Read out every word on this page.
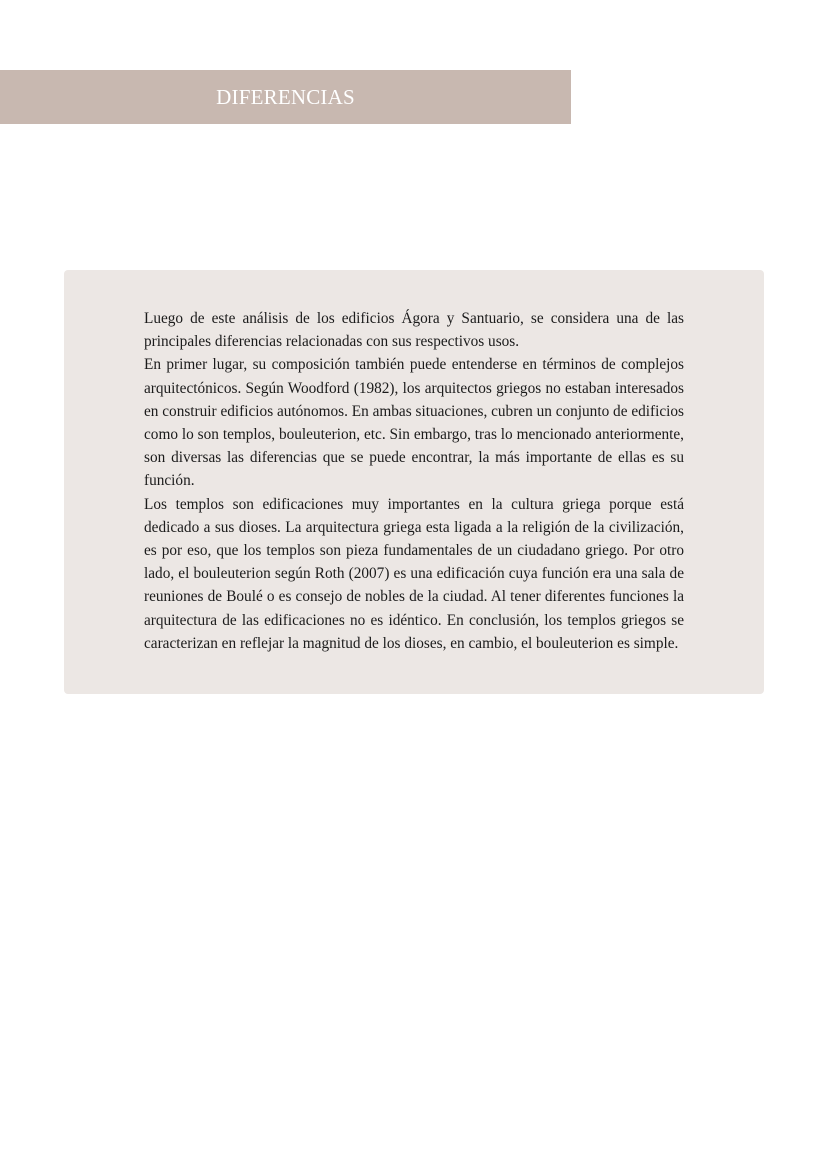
DIFERENCIAS

Luego de este análisis de los edificios Ágora y Santuario, se considera una de las principales diferencias relacionadas con sus respectivos usos.

En primer lugar, su composición también puede entenderse en términos de complejos arquitectónicos. Según Woodford (1982), los arquitectos griegos no estaban interesados en construir edificios autónomos. En ambas situaciones, cubren un conjunto de edificios como lo son templos, bouleuterion, etc. Sin embargo, tras lo mencionado anteriormente, son diversas las diferencias que se puede encontrar, la más importante de ellas es su función.

Los templos son edificaciones muy importantes en la cultura griega porque está dedicado a sus dioses. La arquitectura griega esta ligada a la religión de la civilización, es por eso, que los templos son pieza fundamentales de un ciudadano griego. Por otro lado, el bouleuterion según Roth (2007) es una edificación cuya función era una sala de reuniones de Boulé o es consejo de nobles de la ciudad. Al tener diferentes funciones la arquitectura de las edificaciones no es idéntico. En conclusión, los templos griegos se caracterizan en reflejar la magnitud de los dioses, en cambio, el bouleuterion es simple.
